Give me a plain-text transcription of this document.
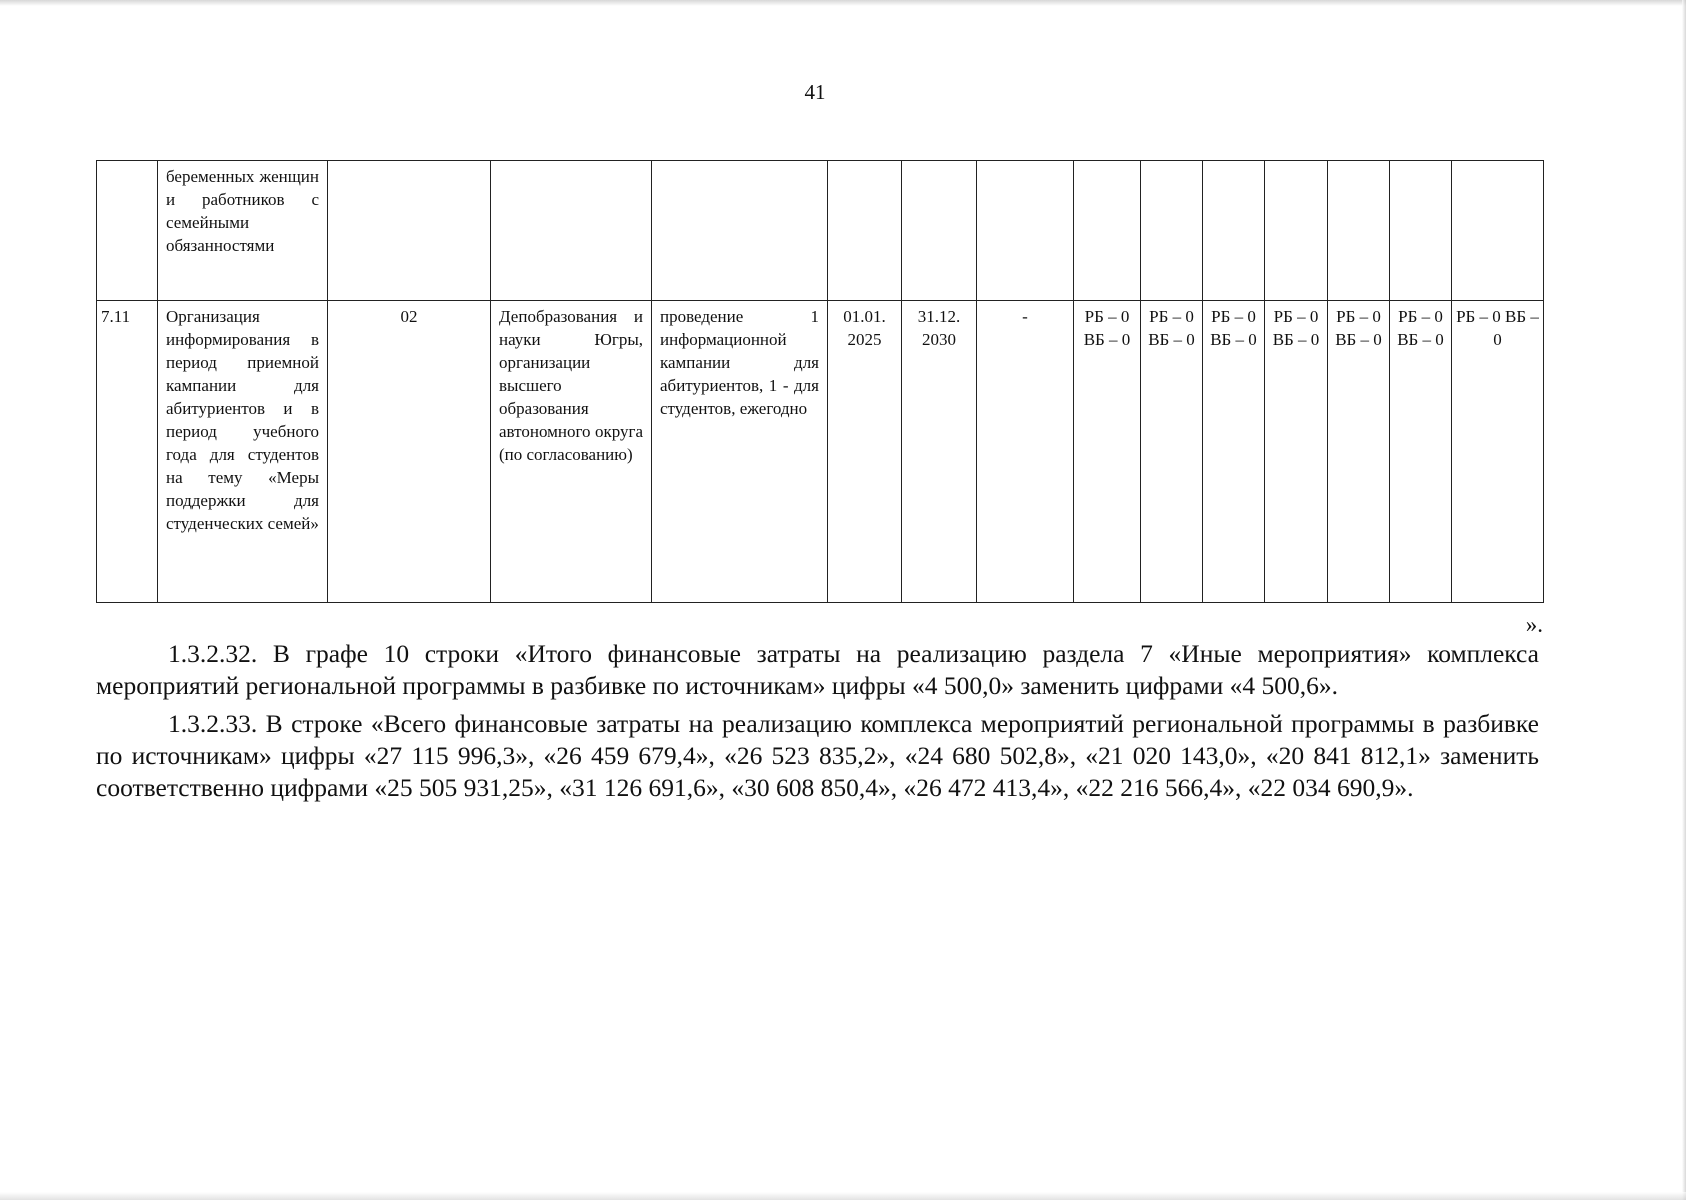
41

	беременных женщин и работников с семейными обязанностями													

7.11	Организация информирования в период приемной кампании для абитуриентов и в период учебного года для студентов на тему «Меры поддержки для студенческих семей»	02	Депобразования и науки Югры, организации высшего образования автономного округа (по согласованию)	проведение 1 информационной кампании для абитуриентов, 1 - для студентов, ежегодно	01.01. 2025	31.12. 2030	-	РБ – 0 ВБ – 0	РБ – 0 ВБ – 0	РБ – 0 ВБ – 0	РБ – 0 ВБ – 0	РБ – 0 ВБ – 0	РБ – 0 ВБ – 0	РБ – 0 ВБ – 0
».

1.3.2.32. В графе 10 строки «Итого финансовые затраты на реализацию раздела 7 «Иные мероприятия» комплекса мероприятий региональной программы в разбивке по источникам» цифры «4 500,0» заменить цифрами «4 500,6».

1.3.2.33. В строке «Всего финансовые затраты на реализацию комплекса мероприятий региональной программы в разбивке по источникам» цифры «27 115 996,3», «26 459 679,4», «26 523 835,2», «24 680 502,8», «21 020 143,0», «20 841 812,1» заменить соответственно цифрами «25 505 931,25», «31 126 691,6», «30 608 850,4», «26 472 413,4», «22 216 566,4», «22 034 690,9».
